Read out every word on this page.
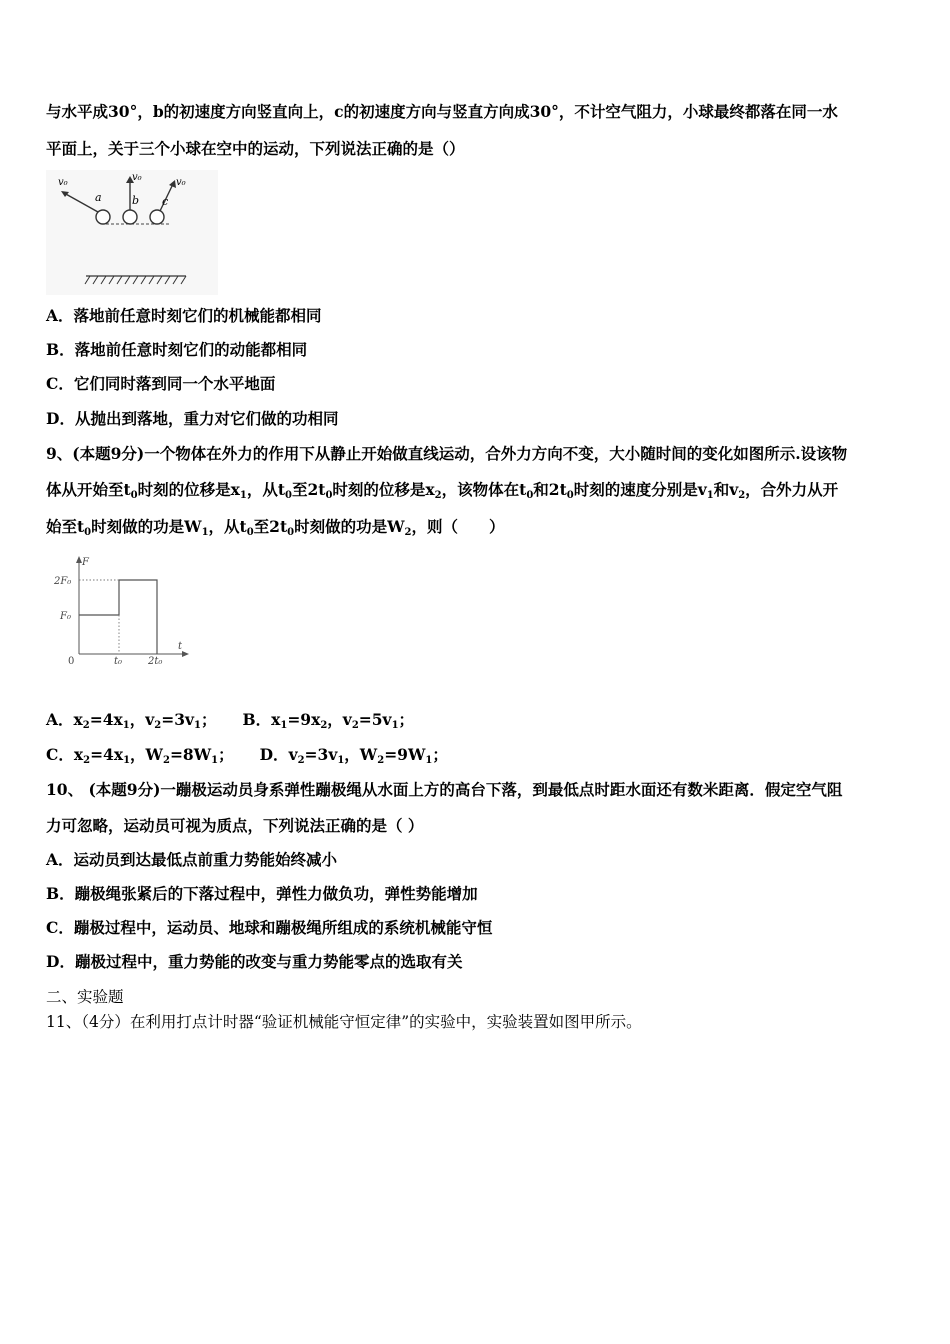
与水平成30°，b的初速度方向竖直向上，c的初速度方向与竖直方向成30°，不计空气阻力，小球最终都落在同一水
平面上，关于三个小球在空中的运动，下列说法正确的是（）
v₀
a
v₀
b
v₀
c
A．落地前任意时刻它们的机械能都相同
B．落地前任意时刻它们的动能都相同
C．它们同时落到同一个水平地面
D．从抛出到落地，重力对它们做的功相同
9、(本题9分)一个物体在外力的作用下从静止开始做直线运动，合外力方向不变，大小随时间的变化如图所示.设该物
体从开始至$t_0$时刻的位移是$x_1$，从$t_0$至$2t_0$时刻的位移是$x_2$，该物体在$t_0$和$2t_0$时刻的速度分别是$v_1$和$v_2$，合外力从开
始至$t_0$时刻做的功是$W_1$，从$t_0$至$2t_0$时刻做的功是$W_2$，则（　　）
F
t
2F₀
F₀
0	t₀	2t₀
A．$x_2=4x_1$，$v_2=3v_1$； B．$x_1=9x_2$，$v_2=5v_1$；
C．$x_2=4x_1$，$W_2=8W_1$； D．$v_2=3v_1$，$W_2=9W_1$；
10、 (本题9分)一蹦极运动员身系弹性蹦极绳从水面上方的高台下落，到最低点时距水面还有数米距离．假定空气阻
力可忽略，运动员可视为质点，下列说法正确的是（ ）
A．运动员到达最低点前重力势能始终减小
B．蹦极绳张紧后的下落过程中，弹性力做负功，弹性势能增加
C．蹦极过程中，运动员、地球和蹦极绳所组成的系统机械能守恒
D．蹦极过程中，重力势能的改变与重力势能零点的选取有关
二、实验题
11、（4分）在利用打点计时器“验证机械能守恒定律”的实验中，实验装置如图甲所示。
